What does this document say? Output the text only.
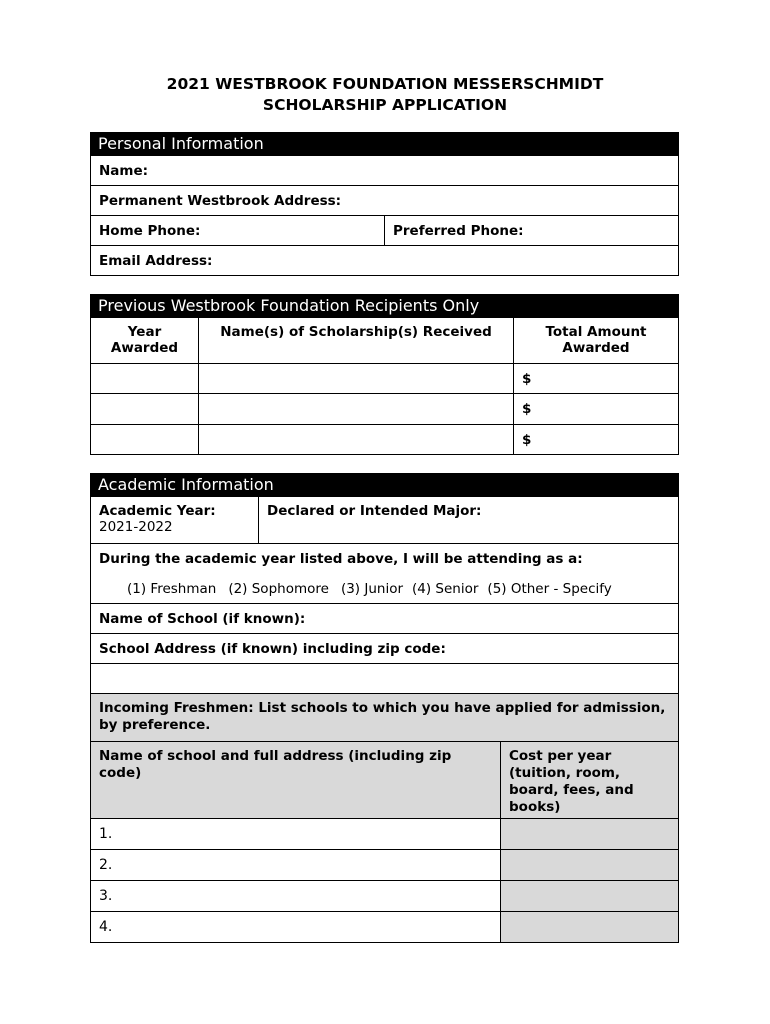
2021 WESTBROOK FOUNDATION MESSERSCHMIDT
SCHOLARSHIP APPLICATION
Personal Information
Name:
Permanent Westbrook Address:
Home Phone:	Preferred Phone:
Email Address:
Previous Westbrook Foundation Recipients Only
Year Awarded
Name(s) of Scholarship(s) Received	Total Amount Awarded
$
$
$
Academic Information
Academic Year:
2021-2022
Declared or Intended Major:
During the academic year listed above, I will be attending as a:
(1) Freshman (2) Sophomore (3) Junior (4) Senior (5) Other - Specify
Name of School (if known):
School Address (if known) including zip code:
Incoming Freshmen: List schools to which you have applied for admission, by preference.
Name of school and full address (including zip code)
Cost per year (tuition, room, board, fees, and books)
1.
2.
3.
4.
